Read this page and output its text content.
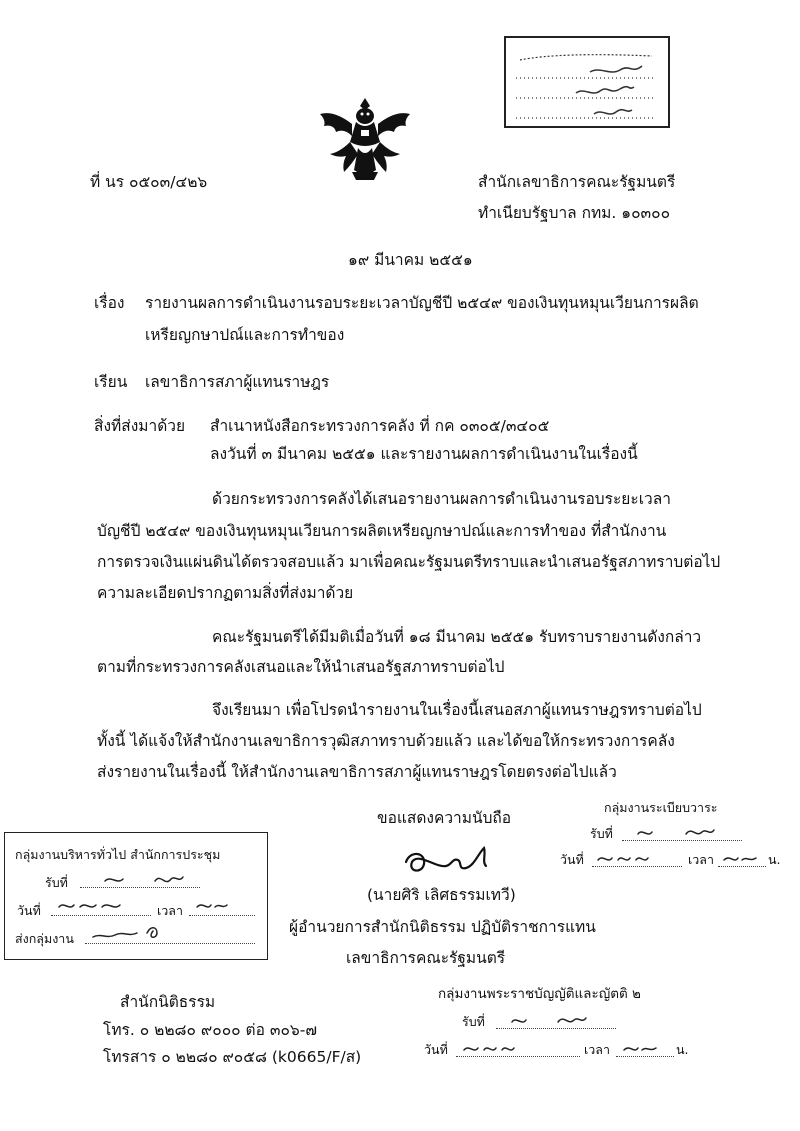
ที่ นร ๐๕๐๓/๔๒๖	สำนักเลขาธิการคณะรัฐมนตรี
ทำเนียบรัฐบาล กทม. ๑๐๓๐๐
๑๙ มีนาคม ๒๕๕๑
เรื่อง รายงานผลการดำเนินงานรอบระยะเวลาบัญชีปี ๒๕๔๙ ของเงินทุนหมุนเวียนการผลิต
เหรียญกษาปณ์และการทำของ
เรียน เลขาธิการสภาผู้แทนราษฎร
สิ่งที่ส่งมาด้วย สำเนาหนังสือกระทรวงการคลัง ที่ กค ๐๓๐๕/๓๔๐๕
ลงวันที่ ๓ มีนาคม ๒๕๕๑ และรายงานผลการดำเนินงานในเรื่องนี้
ด้วยกระทรวงการคลังได้เสนอรายงานผลการดำเนินงานรอบระยะเวลา
บัญชีปี ๒๕๔๙ ของเงินทุนหมุนเวียนการผลิตเหรียญกษาปณ์และการทำของ ที่สำนักงาน
การตรวจเงินแผ่นดินได้ตรวจสอบแล้ว มาเพื่อคณะรัฐมนตรีทราบและนำเสนอรัฐสภาทราบต่อไป
ความละเอียดปรากฏตามสิ่งที่ส่งมาด้วย
คณะรัฐมนตรีได้มีมติเมื่อวันที่ ๑๘ มีนาคม ๒๕๕๑ รับทราบรายงานดังกล่าว
ตามที่กระทรวงการคลังเสนอและให้นำเสนอรัฐสภาทราบต่อไป
จึงเรียนมา เพื่อโปรดนำรายงานในเรื่องนี้เสนอสภาผู้แทนราษฎรทราบต่อไป
ทั้งนี้ ได้แจ้งให้สำนักงานเลขาธิการวุฒิสภาทราบด้วยแล้ว และได้ขอให้กระทรวงการคลัง
ส่งรายงานในเรื่องนี้ ให้สำนักงานเลขาธิการสภาผู้แทนราษฎรโดยตรงต่อไปแล้ว
ขอแสดงความนับถือ
(นายศิริ เลิศธรรมเทวี)
ผู้อำนวยการสำนักนิติธรรม ปฏิบัติราชการแทน
เลขาธิการคณะรัฐมนตรี
สำนักนิติธรรม
โทร. ๐ ๒๒๘๐ ๙๐๐๐ ต่อ ๓๐๖-๗
โทรสาร ๐ ๒๒๘๐ ๙๐๕๘ (k0665/F/ส)
กลุ่มงานบริหารทั่วไป สำนักการประชุม
รับที่
วันที่	เวลา
ส่งกลุ่มงาน
กลุ่มงานระเบียบวาระ
รับที่
วันที่	เวลา	น.
กลุ่มงานพระราชบัญญัติและญัตติ ๒
รับที่
วันที่	เวลา	น.
